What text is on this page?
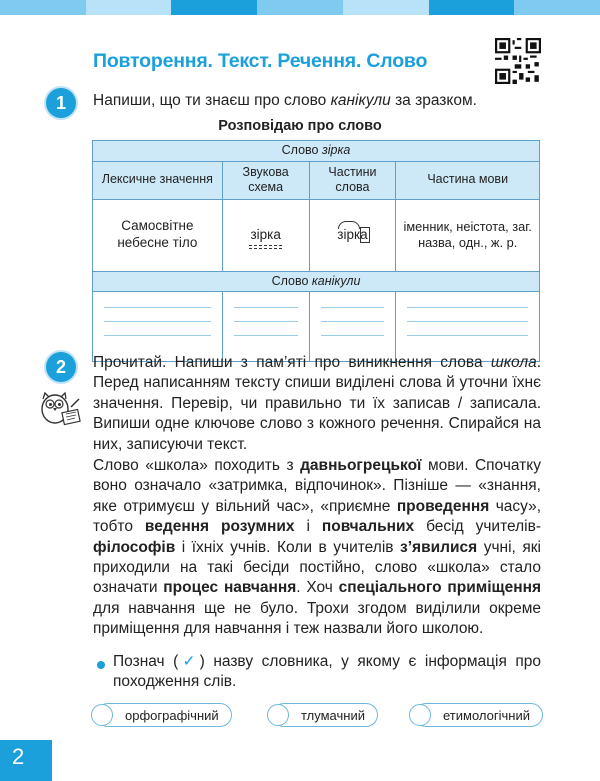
Повторення. Текст. Речення. Слово
1	Напиши, що ти знаєш про слово канікули за зразком.
Розповідаю про слово
Слово зірка			
Лексичне значення	Звукова схема	Частини слова	Частина мови
Самосвітне небесне тіло	зірка	зірка	іменник, неістота, заг. назва, одн., ж. р.
Слово канікули			

2	Прочитай. Напиши з пам’яті про виникнення слова школа. Перед написанням тексту спиши виділені слова й уточни їхнє значення. Перевір, чи правильно ти їх записав / записала. Випиши одне ключове слово з кожного речення. Спирайся на них, записуючи текст.
Слово «школа» походить з давньогрецької мови. Спочатку воно означало «затримка, відпочинок». Пізніше — «знання, яке отримуєш у вільний час», «приємне проведення часу», тобто ведення розумних і повчальних бесід учителів-філософів і їхніх учнів. Коли в учителів з’явилися учні, які приходили на такі бесіди постійно, слово «школа» стало означати процес навчання. Хоч спеціального приміщення для навчання ще не було. Трохи згодом виділили окреме приміщення для навчання і теж назвали його школою.
Познач (✓) назву словника, у якому є інформація про походження слів.
орфографічний	тлумачний	етимологічний
2
